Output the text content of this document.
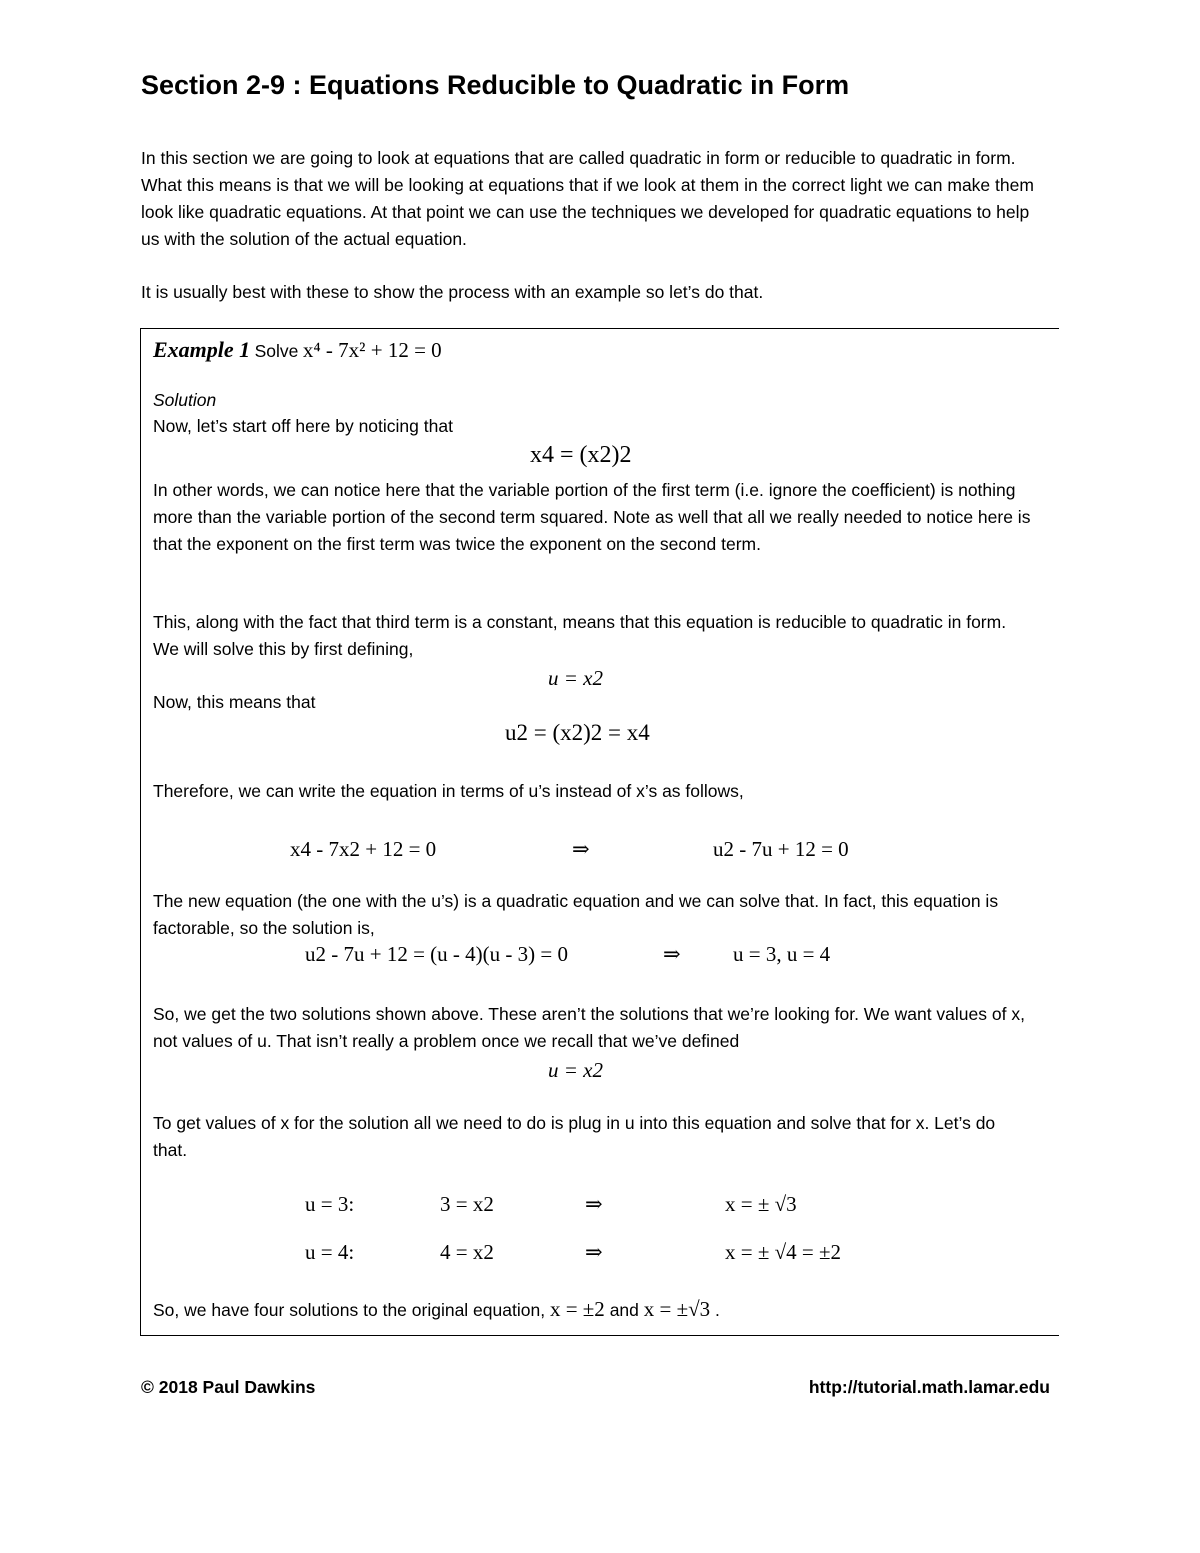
Section 2-9 : Equations Reducible to Quadratic in Form
In this section we are going to look at equations that are called quadratic in form or reducible to quadratic in form. What this means is that we will be looking at equations that if we look at them in the correct light we can make them look like quadratic equations. At that point we can use the techniques we developed for quadratic equations to help us with the solution of the actual equation.
It is usually best with these to show the process with an example so let’s do that.
Example 1 Solve x⁴ - 7x² + 12 = 0
Solution
Now, let’s start off here by noticing that
x4 = (x2)2
In other words, we can notice here that the variable portion of the first term (i.e. ignore the coefficient) is nothing more than the variable portion of the second term squared. Note as well that all we really needed to notice here is that the exponent on the first term was twice the exponent on the second term.
This, along with the fact that third term is a constant, means that this equation is reducible to quadratic in form. We will solve this by first defining,
u = x2
Now, this means that
u2 = (x2)2 = x4
Therefore, we can write the equation in terms of u’s instead of x’s as follows,
x4 - 7x2 + 12 = 0	⇒	u2 - 7u + 12 = 0
The new equation (the one with the u’s) is a quadratic equation and we can solve that. In fact, this equation is factorable, so the solution is,
u2 - 7u + 12 = (u - 4)(u - 3) = 0	⇒ u = 3, u = 4
So, we get the two solutions shown above. These aren’t the solutions that we’re looking for. We want values of x, not values of u. That isn’t really a problem once we recall that we’ve defined
u = x2
To get values of x for the solution all we need to do is plug in u into this equation and solve that for x. Let’s do that.
u = 3:	3 = x2	⇒	x = ± √3
u = 4:	4 = x2	⇒	x = ± √4 = ±2
So, we have four solutions to the original equation, x = ±2 and x = ±√3 .
© 2018 Paul Dawkins	http://tutorial.math.lamar.edu
